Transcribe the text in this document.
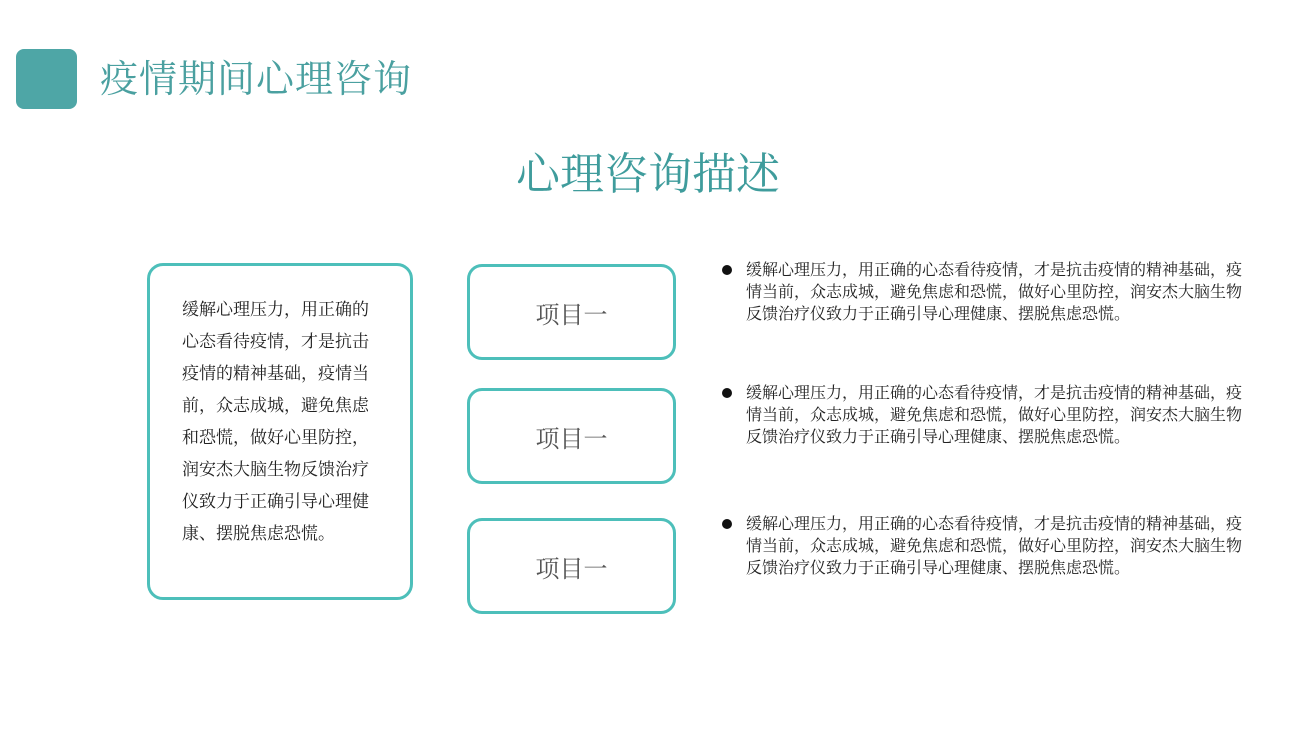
疫情期间心理咨询
心理咨询描述

缓解心理压力，用正确的心态看待疫情，才是抗击疫情的精神基础，疫情当前，众志成城，避免焦虑和恐慌，做好心里防控，润安杰大脑生物反馈治疗仪致力于正确引导心理健康、摆脱焦虑恐慌。

项目一
项目一
项目一

缓解心理压力，用正确的心态看待疫情，才是抗击疫情的精神基础，疫情当前，众志成城，避免焦虑和恐慌，做好心里防控，润安杰大脑生物反馈治疗仪致力于正确引导心理健康、摆脱焦虑恐慌。

缓解心理压力，用正确的心态看待疫情，才是抗击疫情的精神基础，疫情当前，众志成城，避免焦虑和恐慌，做好心里防控，润安杰大脑生物反馈治疗仪致力于正确引导心理健康、摆脱焦虑恐慌。

缓解心理压力，用正确的心态看待疫情，才是抗击疫情的精神基础，疫情当前，众志成城，避免焦虑和恐慌，做好心里防控，润安杰大脑生物反馈治疗仪致力于正确引导心理健康、摆脱焦虑恐慌。
